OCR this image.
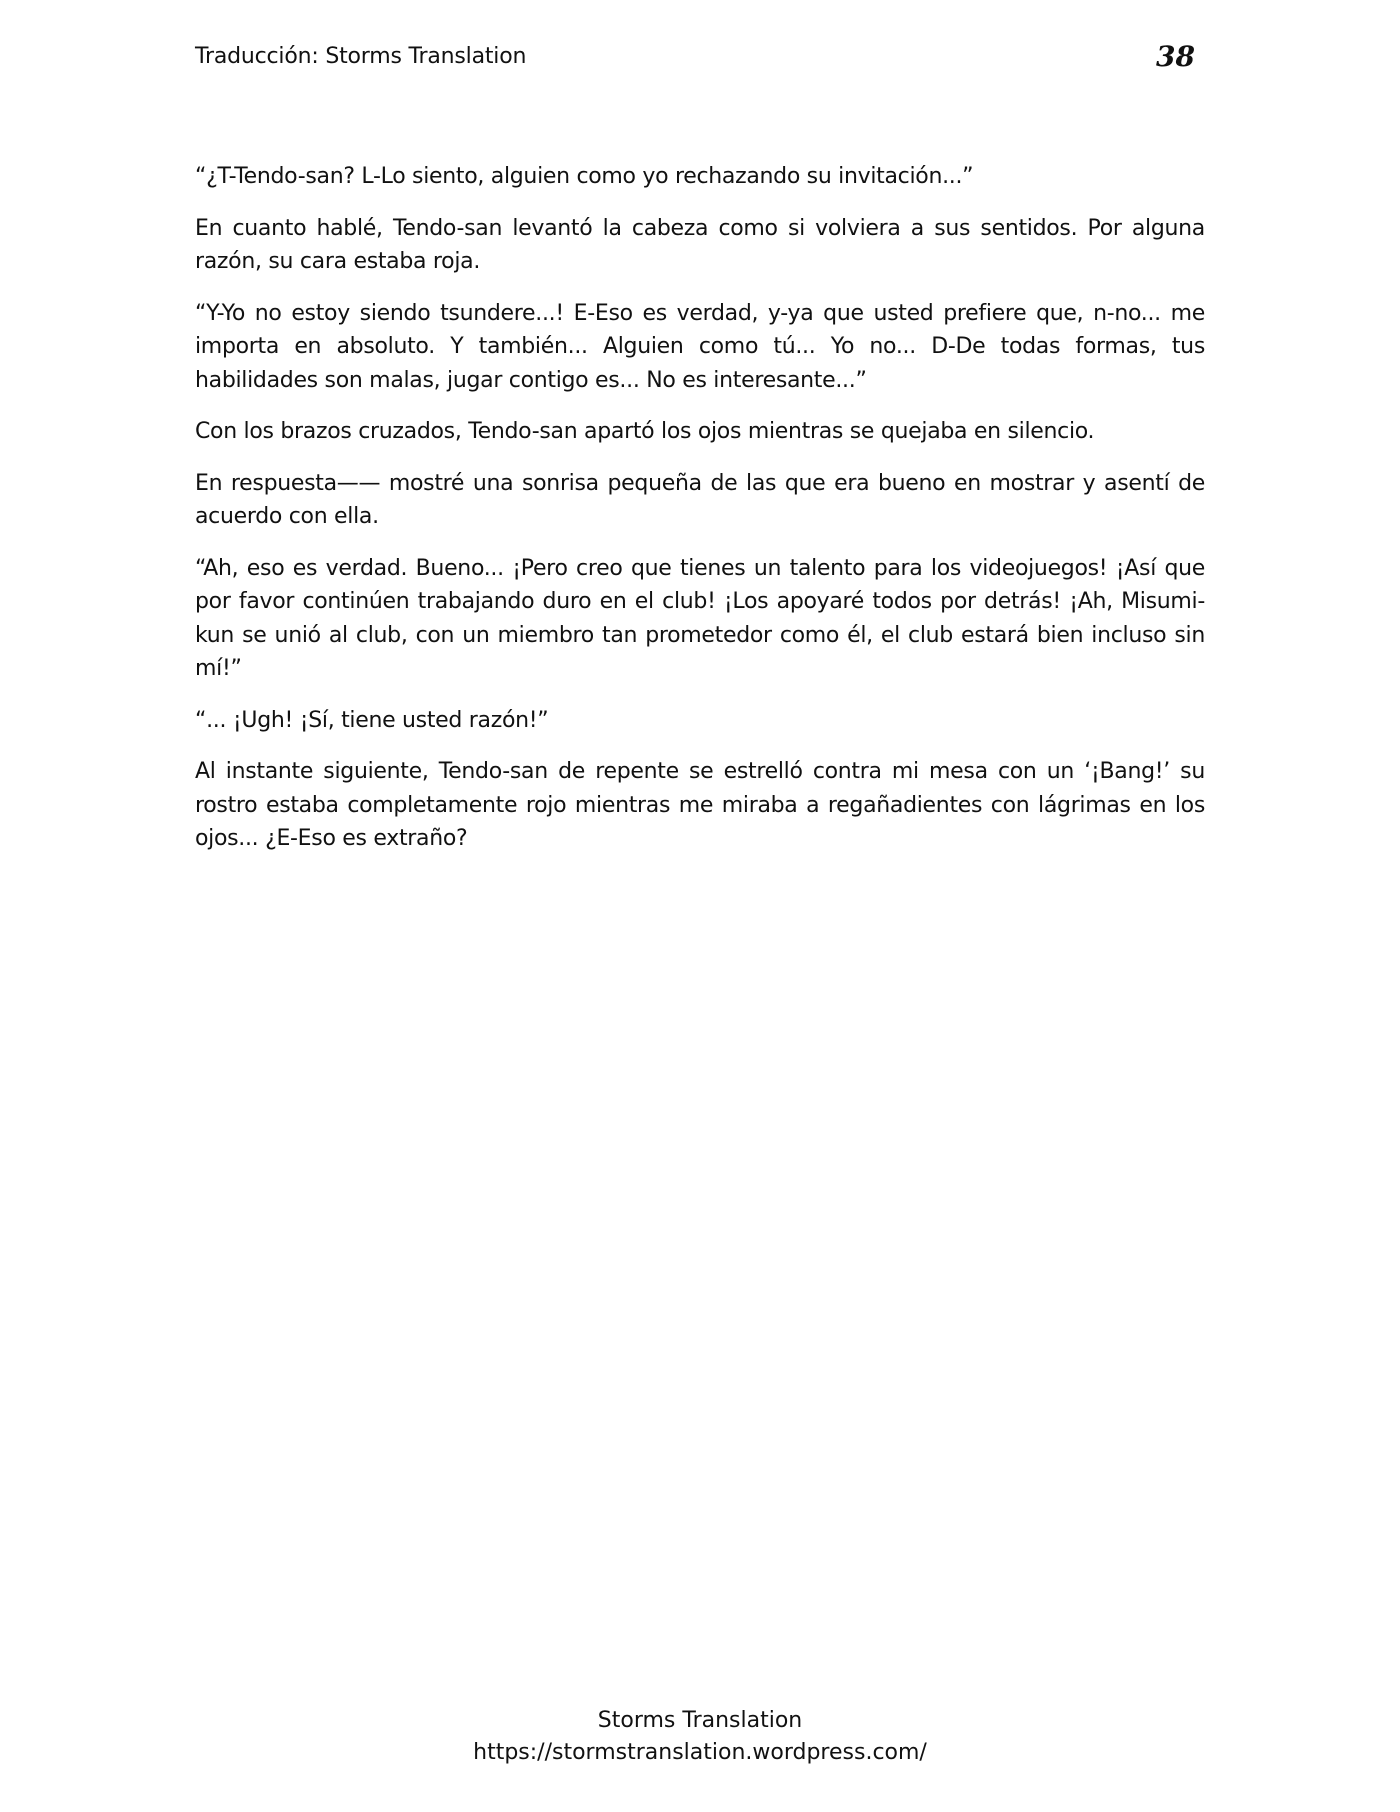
Traducción: Storms Translation	38

“¿T-Tendo-san? L-Lo siento, alguien como yo rechazando su invitación...”

En cuanto hablé, Tendo-san levantó la cabeza como si volviera a sus sentidos. Por alguna razón, su cara estaba roja.

“Y-Yo no estoy siendo tsundere...! E-Eso es verdad, y-ya que usted prefiere que, n-no... me importa en absoluto. Y también... Alguien como tú... Yo no... D-De todas formas, tus habilidades son malas, jugar contigo es... No es interesante...”

Con los brazos cruzados, Tendo-san apartó los ojos mientras se quejaba en silencio.

En respuesta—— mostré una sonrisa pequeña de las que era bueno en mostrar y asentí de acuerdo con ella.

“Ah, eso es verdad. Bueno... ¡Pero creo que tienes un talento para los videojuegos! ¡Así que por favor continúen trabajando duro en el club! ¡Los apoyaré todos por detrás! ¡Ah, Misumi-kun se unió al club, con un miembro tan prometedor como él, el club estará bien incluso sin mí!”

“... ¡Ugh! ¡Sí, tiene usted razón!”

Al instante siguiente, Tendo-san de repente se estrelló contra mi mesa con un ‘¡Bang!’ su rostro estaba completamente rojo mientras me miraba a regañadientes con lágrimas en los ojos... ¿E-Eso es extraño?

Storms Translation
https://stormstranslation.wordpress.com/
